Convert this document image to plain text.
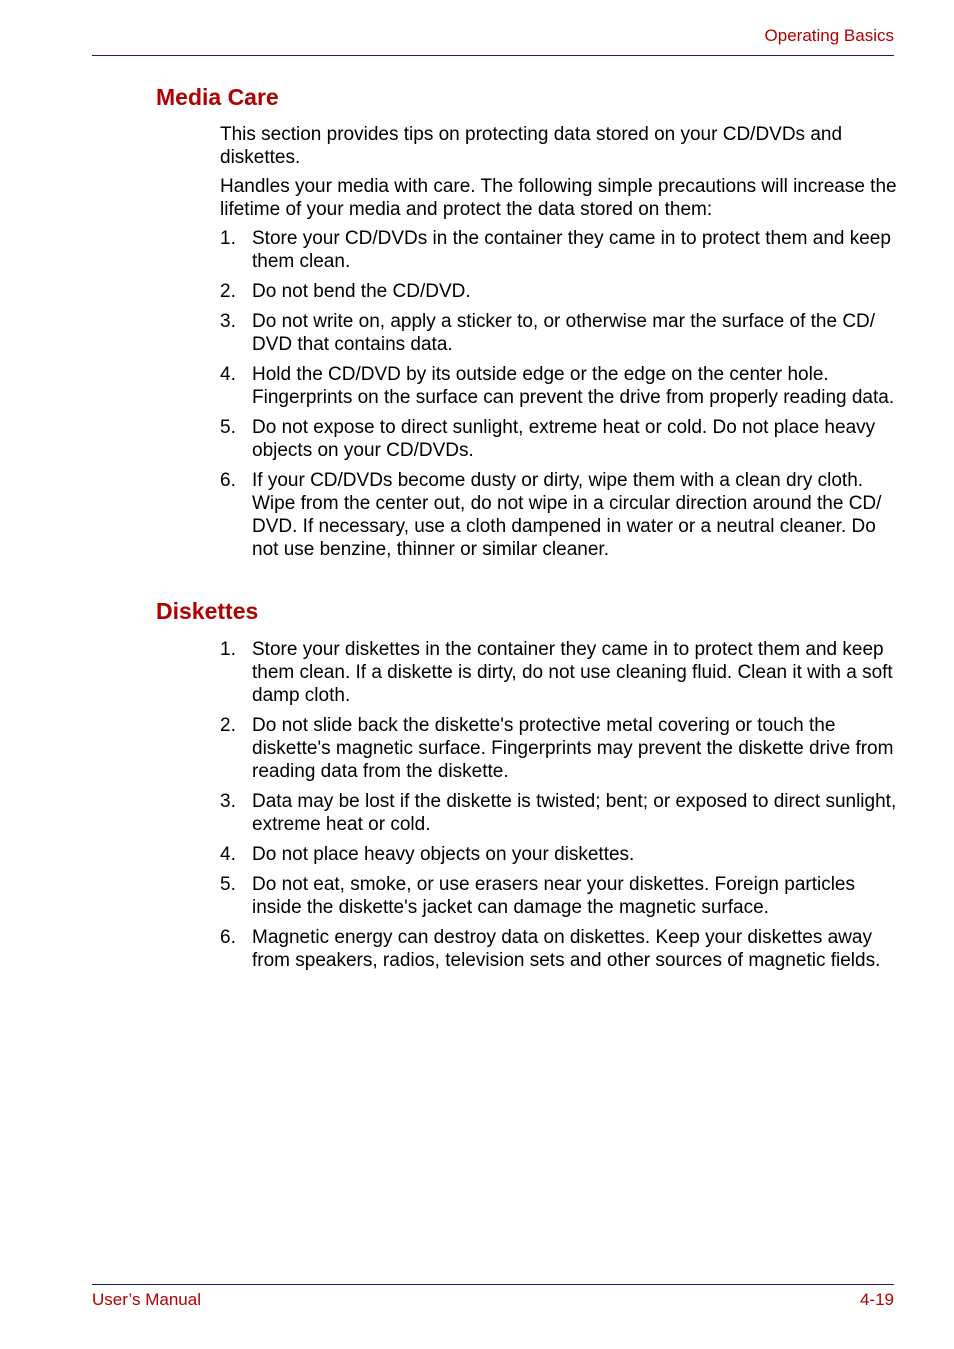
Operating Basics
Media Care

This section provides tips on protecting data stored on your CD/DVDs and diskettes.

Handles your media with care. The following simple precautions will increase the lifetime of your media and protect the data stored on them:

1. Store your CD/DVDs in the container they came in to protect them and keep them clean.
2. Do not bend the CD/DVD.
3. Do not write on, apply a sticker to, or otherwise mar the surface of the CD/ DVD that contains data.
4. Hold the CD/DVD by its outside edge or the edge on the center hole. Fingerprints on the surface can prevent the drive from properly reading data.
5. Do not expose to direct sunlight, extreme heat or cold. Do not place heavy objects on your CD/DVDs.
6. If your CD/DVDs become dusty or dirty, wipe them with a clean dry cloth. Wipe from the center out, do not wipe in a circular direction around the CD/ DVD. If necessary, use a cloth dampened in water or a neutral cleaner. Do not use benzine, thinner or similar cleaner.
Diskettes
1. Store your diskettes in the container they came in to protect them and keep them clean. If a diskette is dirty, do not use cleaning fluid. Clean it with a soft damp cloth.
2. Do not slide back the diskette's protective metal covering or touch the diskette's magnetic surface. Fingerprints may prevent the diskette drive from reading data from the diskette.
3. Data may be lost if the diskette is twisted; bent; or exposed to direct sunlight, extreme heat or cold.
4. Do not place heavy objects on your diskettes.
5. Do not eat, smoke, or use erasers near your diskettes. Foreign particles inside the diskette's jacket can damage the magnetic surface.
6. Magnetic energy can destroy data on diskettes. Keep your diskettes away from speakers, radios, television sets and other sources of magnetic fields.
User’s Manual	4-19
